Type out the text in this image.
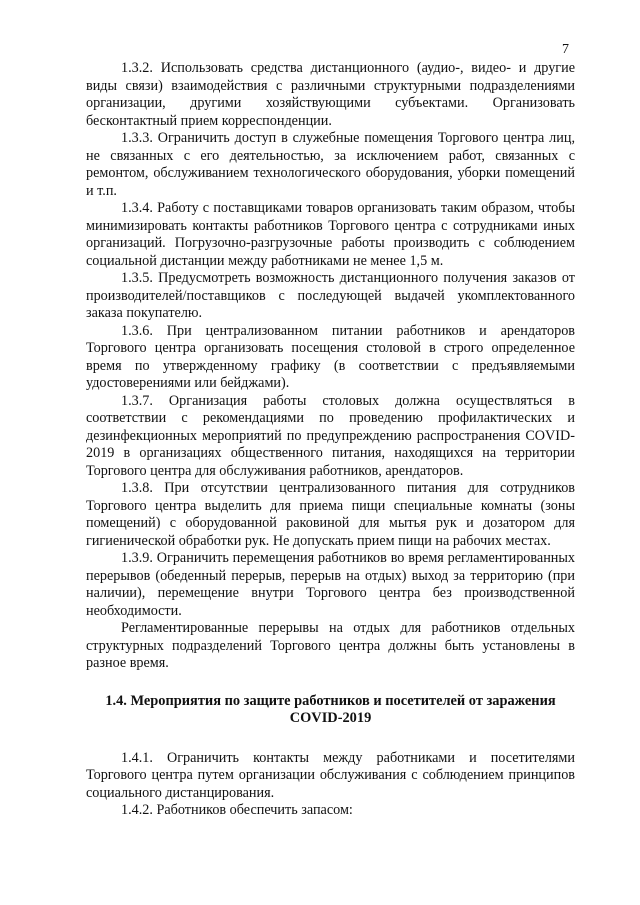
7

1.3.2. Использовать средства дистанционного (аудио-, видео- и другие виды связи) взаимодействия с различными структурными подразделениями организации, другими хозяйствующими субъектами. Организовать бесконтактный прием корреспонденции.

1.3.3. Ограничить доступ в служебные помещения Торгового центра лиц, не связанных с его деятельностью, за исключением работ, связанных с ремонтом, обслуживанием технологического оборудования, уборки помещений и т.п.

1.3.4. Работу с поставщиками товаров организовать таким образом, чтобы минимизировать контакты работников Торгового центра с сотрудниками иных организаций. Погрузочно-разгрузочные работы производить с соблюдением социальной дистанции между работниками не менее 1,5 м.

1.3.5. Предусмотреть возможность дистанционного получения заказов от производителей/поставщиков с последующей выдачей укомплектованного заказа покупателю.

1.3.6. При централизованном питании работников и арендаторов Торгового центра организовать посещения столовой в строго определенное время по утвержденному графику (в соответствии с предъявляемыми удостоверениями или бейджами).

1.3.7. Организация работы столовых должна осуществляться в соответствии с рекомендациями по проведению профилактических и дезинфекционных мероприятий по предупреждению распространения COVID-2019 в организациях общественного питания, находящихся на территории Торгового центра для обслуживания работников, арендаторов.

1.3.8. При отсутствии централизованного питания для сотрудников Торгового центра выделить для приема пищи специальные комнаты (зоны помещений) с оборудованной раковиной для мытья рук и дозатором для гигиенической обработки рук. Не допускать прием пищи на рабочих местах.

1.3.9. Ограничить перемещения работников во время регламентированных перерывов (обеденный перерыв, перерыв на отдых) выход за территорию (при наличии), перемещение внутри Торгового центра без производственной необходимости.

Регламентированные перерывы на отдых для работников отдельных структурных подразделений Торгового центра должны быть установлены в разное время.

1.4. Мероприятия по защите работников и посетителей от заражения
COVID-2019

1.4.1. Ограничить контакты между работниками и посетителями Торгового центра путем организации обслуживания с соблюдением принципов социального дистанцирования.

1.4.2. Работников обеспечить запасом:
